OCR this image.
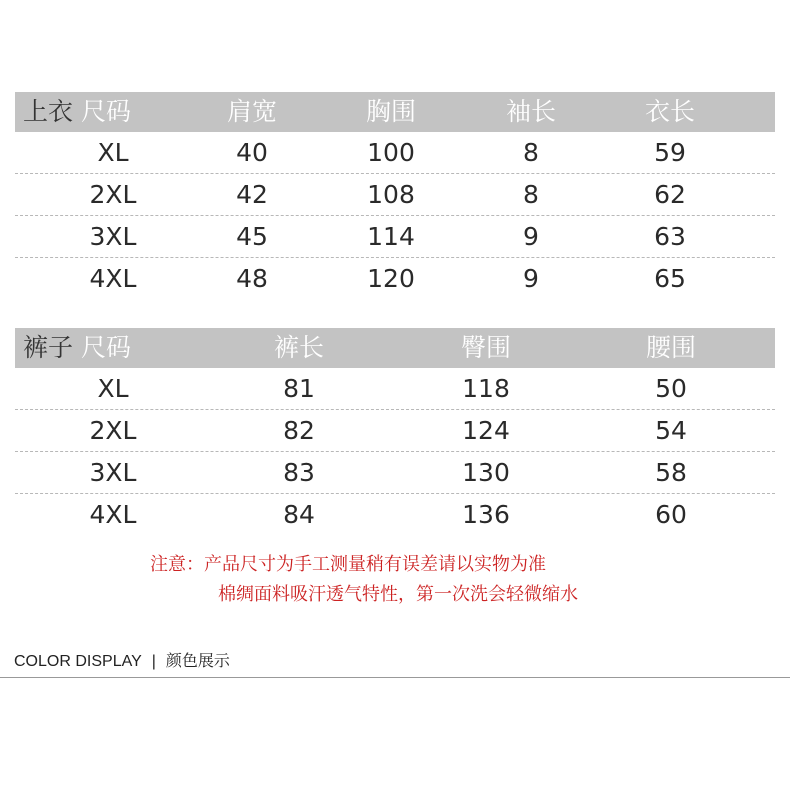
上衣 尺码	肩宽	胸围	袖长	衣长
XL	40	100	8	59
2XL	42	108	8	62
3XL	45	114	9	63
4XL	48	120	9	65
裤子 尺码	裤长	臀围	腰围
XL	81	118	50
2XL	82	124	54
3XL	83	130	58
4XL	84	136	60
注意：产品尺寸为手工测量稍有误差请以实物为准
棉绸面料吸汗透气特性，第一次洗会轻微缩水
COLOR DISPLAY | 颜色展示
